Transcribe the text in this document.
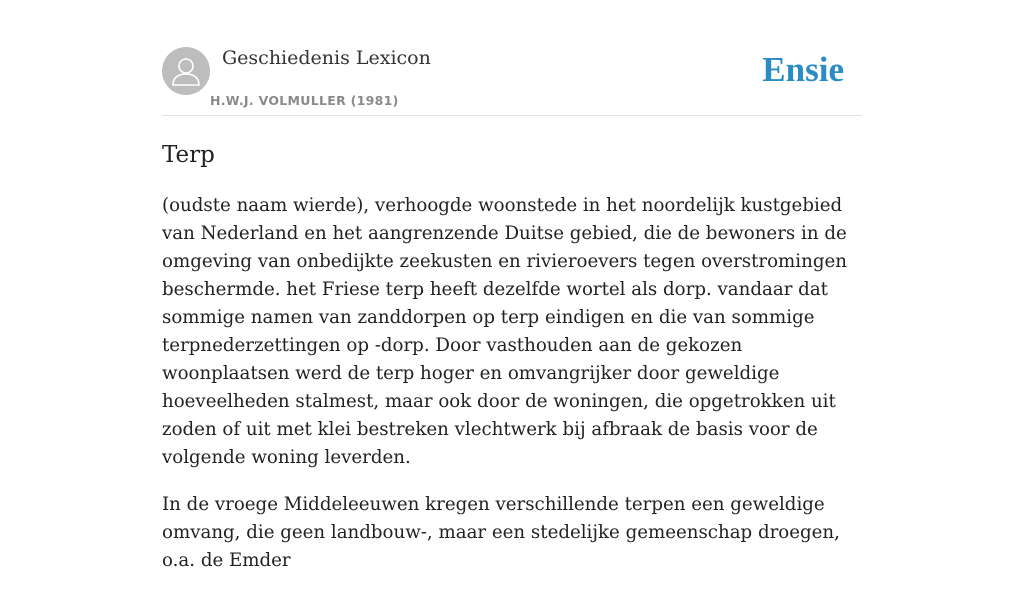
Geschiedenis Lexicon
H.W.J. VOLMULLER (1981)
Ensie
Terp

(oudste naam wierde), verhoogde woonstede in het noordelijk kustgebied van Nederland en het aangrenzende Duitse gebied, die de bewoners in de omgeving van onbedijkte zeekusten en rivieroevers tegen overstromingen beschermde. het Friese terp heeft dezelfde wortel als dorp. vandaar dat sommige namen van zanddorpen op terp eindigen en die van sommige terpnederzettingen op -dorp. Door vasthouden aan de gekozen woonplaatsen werd de terp hoger en omvangrijker door geweldige hoeveelheden stalmest, maar ook door de woningen, die opgetrokken uit zoden of uit met klei bestreken vlechtwerk bij afbraak de basis voor de volgende woning leverden.

In de vroege Middeleeuwen kregen verschillende terpen een geweldige omvang, die geen landbouw-, maar een stedelijke gemeenschap droegen, o.a. de Emder
